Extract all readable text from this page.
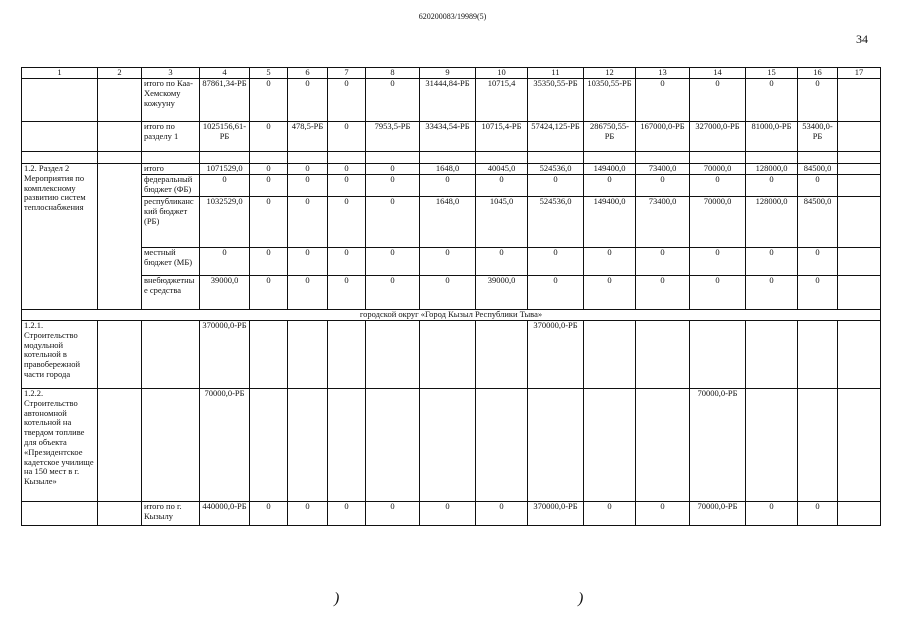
620200083/19989(5)
34
1	2	3	4	5	6	7	8	9	10	11	12	13	14	15	16	17
		итого по Каа-Хемскому кожууну	87861,34-РБ	0	0	0	0	31444,84-РБ	10715,4	35350,55-РБ	10350,55-РБ	0	0	0	0	
		итого по разделу 1	1025156,61-РБ	0	478,5-РБ	0	7953,5-РБ	33434,54-РБ	10715,4-РБ	57424,125-РБ	286750,55-РБ	167000,0-РБ	327000,0-РБ	81000,0-РБ	53400,0-РБ	

1.2. Раздел 2 Мероприятия по комплексному развитию систем теплоснабжения		итого	1071529,0	0	0	0	0	1648,0	40045,0	524536,0	149400,0	73400,0	70000,0	128000,0	84500,0	
		федеральный бюджет (ФБ)	0	0	0	0	0	0	0	0	0	0	0	0	0	
		республиканский бюджет (РБ)	1032529,0	0	0	0	0	1648,0	1045,0	524536,0	149400,0	73400,0	70000,0	128000,0	84500,0	
		местный бюджет (МБ)	0	0	0	0	0	0	0	0	0	0	0	0	0	
		внебюджетные средства	39000,0	0	0	0	0	0	39000,0	0	0	0	0	0	0	
городской округ «Город Кызыл Республики Тыва»																
1.2.1. Строительство модульной котельной в правобережной части города			370000,0-РБ							370000,0-РБ						
1.2.2. Строительство автономной котельной на твердом топливе для объекта «Президентское кадетское училище на 150 мест в г. Кызыле»			70000,0-РБ										70000,0-РБ			
		итого по г. Кызылу	440000,0-РБ	0	0	0	0	0	0	370000,0-РБ	0	0	70000,0-РБ	0	0	
)	)
